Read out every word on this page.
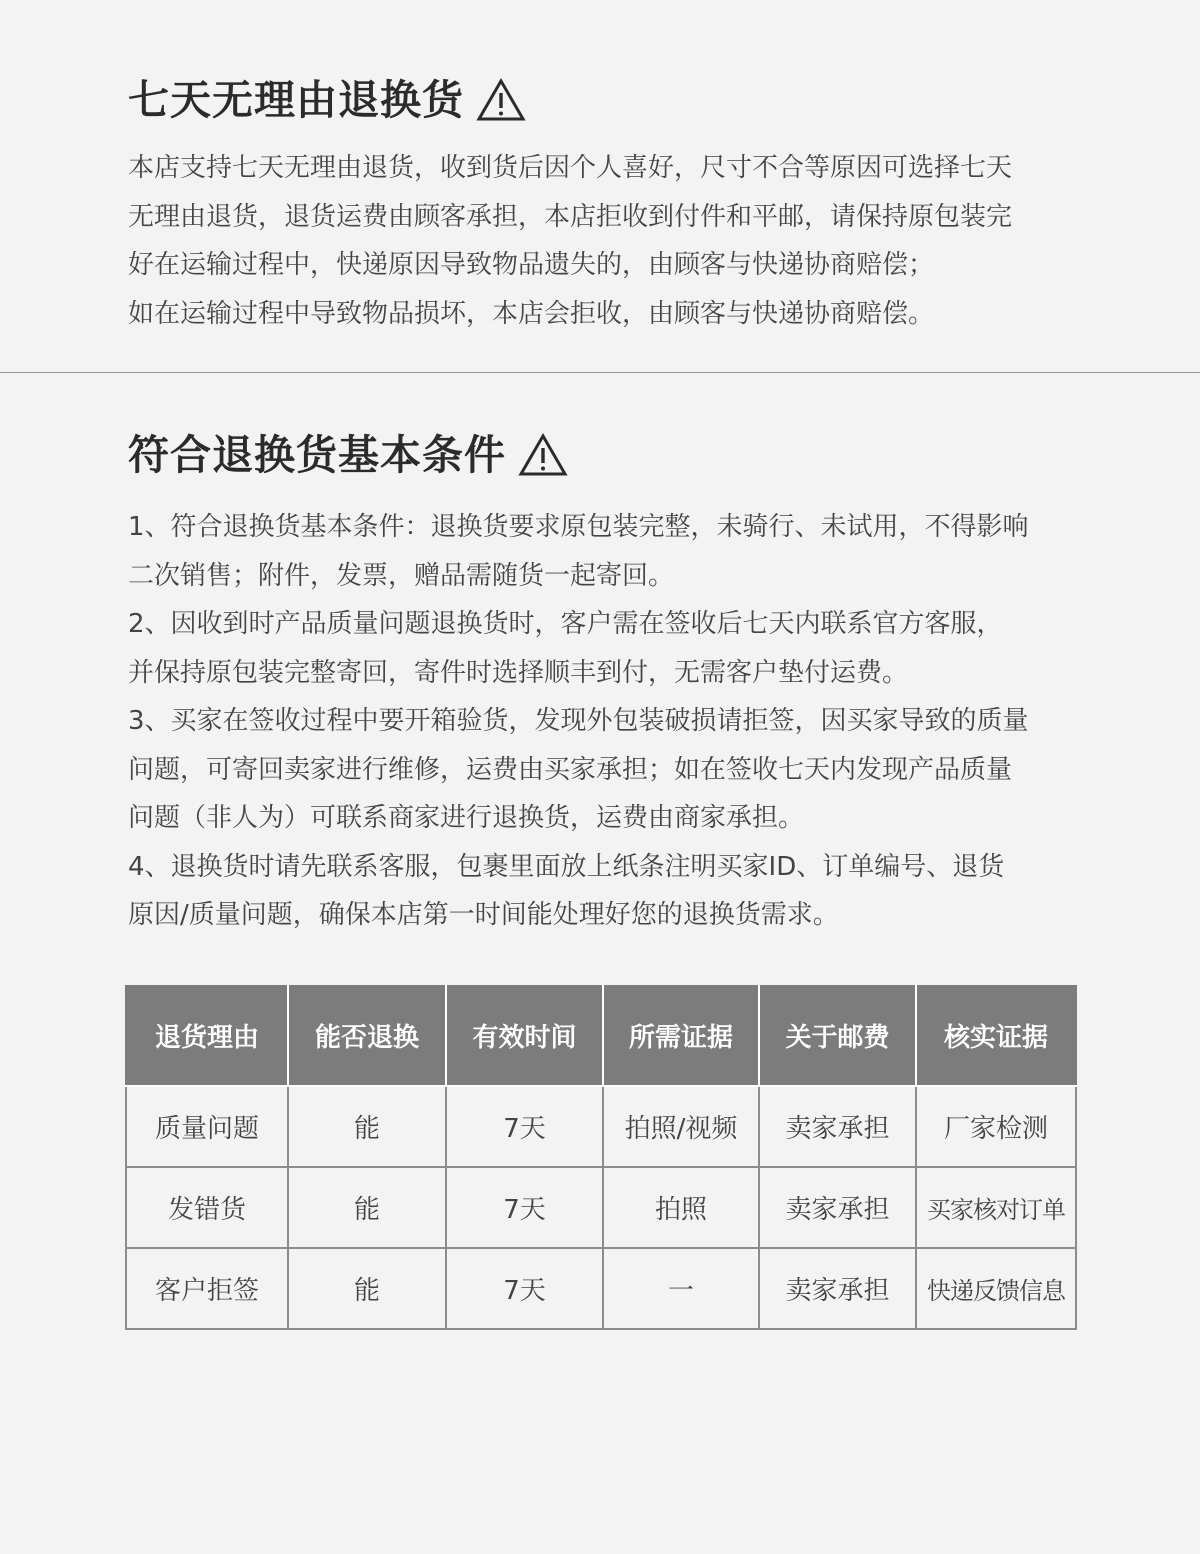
七天无理由退换货

本店支持七天无理由退货，收到货后因个人喜好，尺寸不合等原因可选择七天

无理由退货，退货运费由顾客承担，本店拒收到付件和平邮，请保持原包装完

好在运输过程中，快递原因导致物品遗失的，由顾客与快递协商赔偿；

如在运输过程中导致物品损坏，本店会拒收，由顾客与快递协商赔偿。

符合退换货基本条件

1、符合退换货基本条件：退换货要求原包装完整，未骑行、未试用，不得影响

二次销售；附件，发票，赠品需随货一起寄回。

2、因收到时产品质量问题退换货时，客户需在签收后七天内联系官方客服，

并保持原包装完整寄回，寄件时选择顺丰到付，无需客户垫付运费。

3、买家在签收过程中要开箱验货，发现外包装破损请拒签，因买家导致的质量

问题，可寄回卖家进行维修，运费由买家承担；如在签收七天内发现产品质量

问题（非人为）可联系商家进行退换货，运费由商家承担。

4、退换货时请先联系客服，包裹里面放上纸条注明买家ID、订单编号、退货

原因/质量问题，确保本店第一时间能处理好您的退换货需求。

退货理由	能否退换	有效时间	所需证据	关于邮费	核实证据
质量问题	能	7天	拍照/视频	卖家承担	厂家检测
发错货	能	7天	拍照	卖家承担	买家核对订单
客户拒签	能	7天	一	卖家承担	快递反馈信息
